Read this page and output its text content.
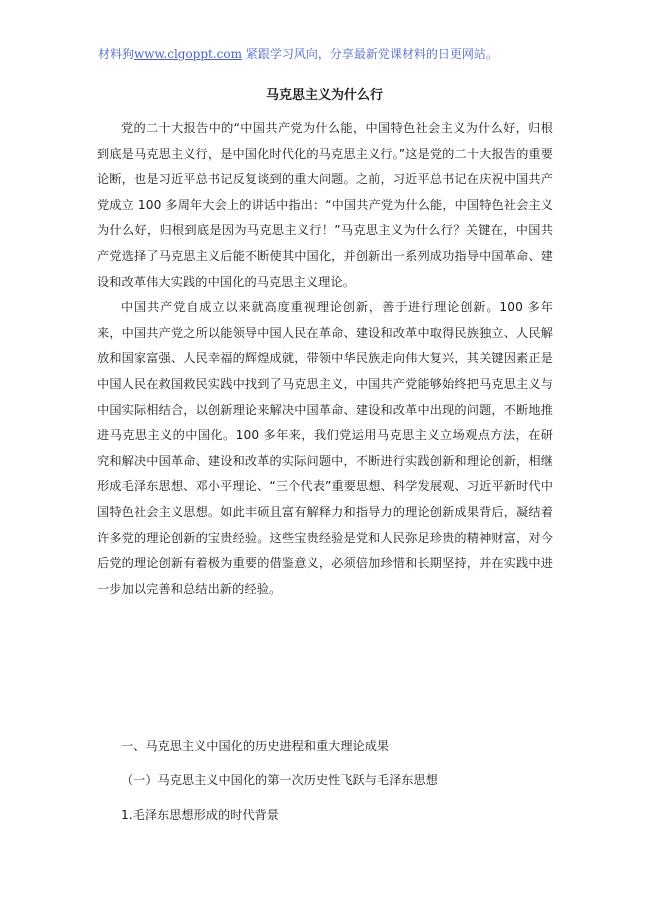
材料狗www.clgoppt.com 紧跟学习风向，分享最新党课材料的日更网站。
马克思主义为什么行

党的二十大报告中的“中国共产党为什么能，中国特色社会主义为什么好，归根到底是马克思主义行，是中国化时代化的马克思主义行。”这是党的二十大报告的重要论断，也是习近平总书记反复谈到的重大问题。之前，习近平总书记在庆祝中国共产党成立 100 多周年大会上的讲话中指出：“中国共产党为什么能，中国特色社会主义为什么好，归根到底是因为马克思主义行！”马克思主义为什么行？关键在，中国共产党选择了马克思主义后能不断使其中国化，并创新出一系列成功指导中国革命、建设和改革伟大实践的中国化的马克思主义理论。

中国共产党自成立以来就高度重视理论创新，善于进行理论创新。100 多年来，中国共产党之所以能领导中国人民在革命、建设和改革中取得民族独立、人民解放和国家富强、人民幸福的辉煌成就，带领中华民族走向伟大复兴，其关键因素正是中国人民在救国救民实践中找到了马克思主义，中国共产党能够始终把马克思主义与中国实际相结合，以创新理论来解决中国革命、建设和改革中出现的问题，不断地推进马克思主义的中国化。100 多年来，我们党运用马克思主义立场观点方法，在研究和解决中国革命、建设和改革的实际问题中，不断进行实践创新和理论创新，相继形成毛泽东思想、邓小平理论、“三个代表”重要思想、科学发展观、习近平新时代中国特色社会主义思想。如此丰硕且富有解释力和指导力的理论创新成果背后，凝结着许多党的理论创新的宝贵经验。这些宝贵经验是党和人民弥足珍贵的精神财富，对今后党的理论创新有着极为重要的借鉴意义，必须倍加珍惜和长期坚持，并在实践中进一步加以完善和总结出新的经验。

一、马克思主义中国化的历史进程和重大理论成果
（一）马克思主义中国化的第一次历史性飞跃与毛泽东思想
1.毛泽东思想形成的时代背景
